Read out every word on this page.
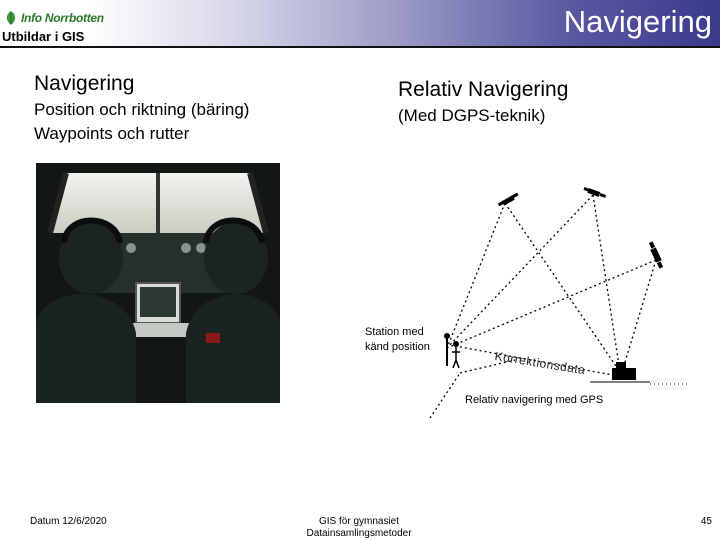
Info Norrbotten
Utbildar i GIS	Navigering
Navigering
Position och riktning (bäring)
Waypoints och rutter
Relativ Navigering
(Med DGPS-teknik)
Station med
känd position
Korrektionsdata
Relativ navigering med GPS
Datum 12/6/2020	GIS för gymnasiet
Datainsamlingsmetoder
45
